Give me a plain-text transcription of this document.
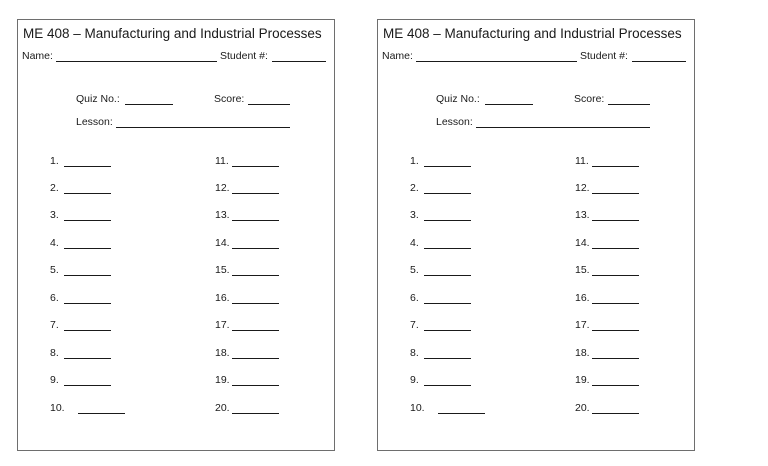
ME 408 – Manufacturing and Industrial Processes
Name:	Student #:
Quiz No.:	Score:
Lesson:
1.
2.
3.
4.
5.
6.
7.
8.
9.
10.
11.
12.
13.
14.
15.
16.
17.
18.
19.
20.
ME 408 – Manufacturing and Industrial Processes
Name:	Student #:
Quiz No.:	Score:
Lesson:
1.
2.
3.
4.
5.
6.
7.
8.
9.
10.
11.
12.
13.
14.
15.
16.
17.
18.
19.
20.
